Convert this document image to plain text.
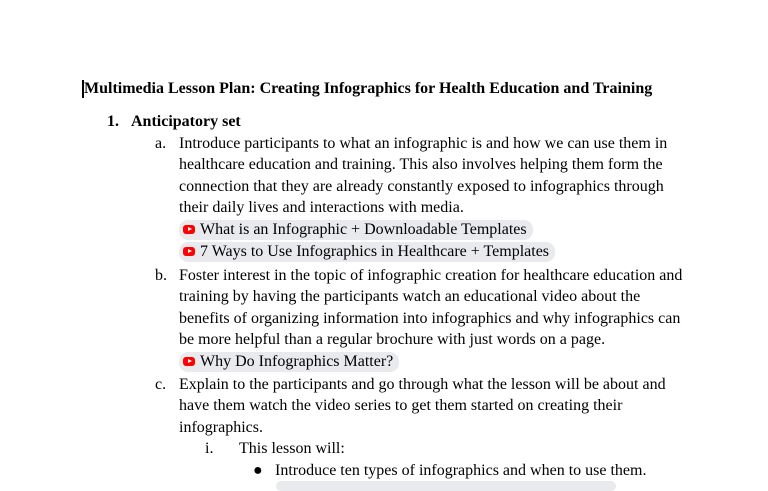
Multimedia Lesson Plan: Creating Infographics for Health Education and Training
1. Anticipatory set
a. Introduce participants to what an infographic is and how we can use them in healthcare education and training. This also involves helping them form the connection that they are already constantly exposed to infographics through their daily lives and interactions with media.
What is an Infographic + Downloadable Templates
7 Ways to Use Infographics in Healthcare + Templates
b. Foster interest in the topic of infographic creation for healthcare education and training by having the participants watch an educational video about the benefits of organizing information into infographics and why infographics can be more helpful than a regular brochure with just words on a page.
Why Do Infographics Matter?
c. Explain to the participants and go through what the lesson will be about and have them watch the video series to get them started on creating their infographics.
i. This lesson will:
● Introduce ten types of infographics and when to use them.
